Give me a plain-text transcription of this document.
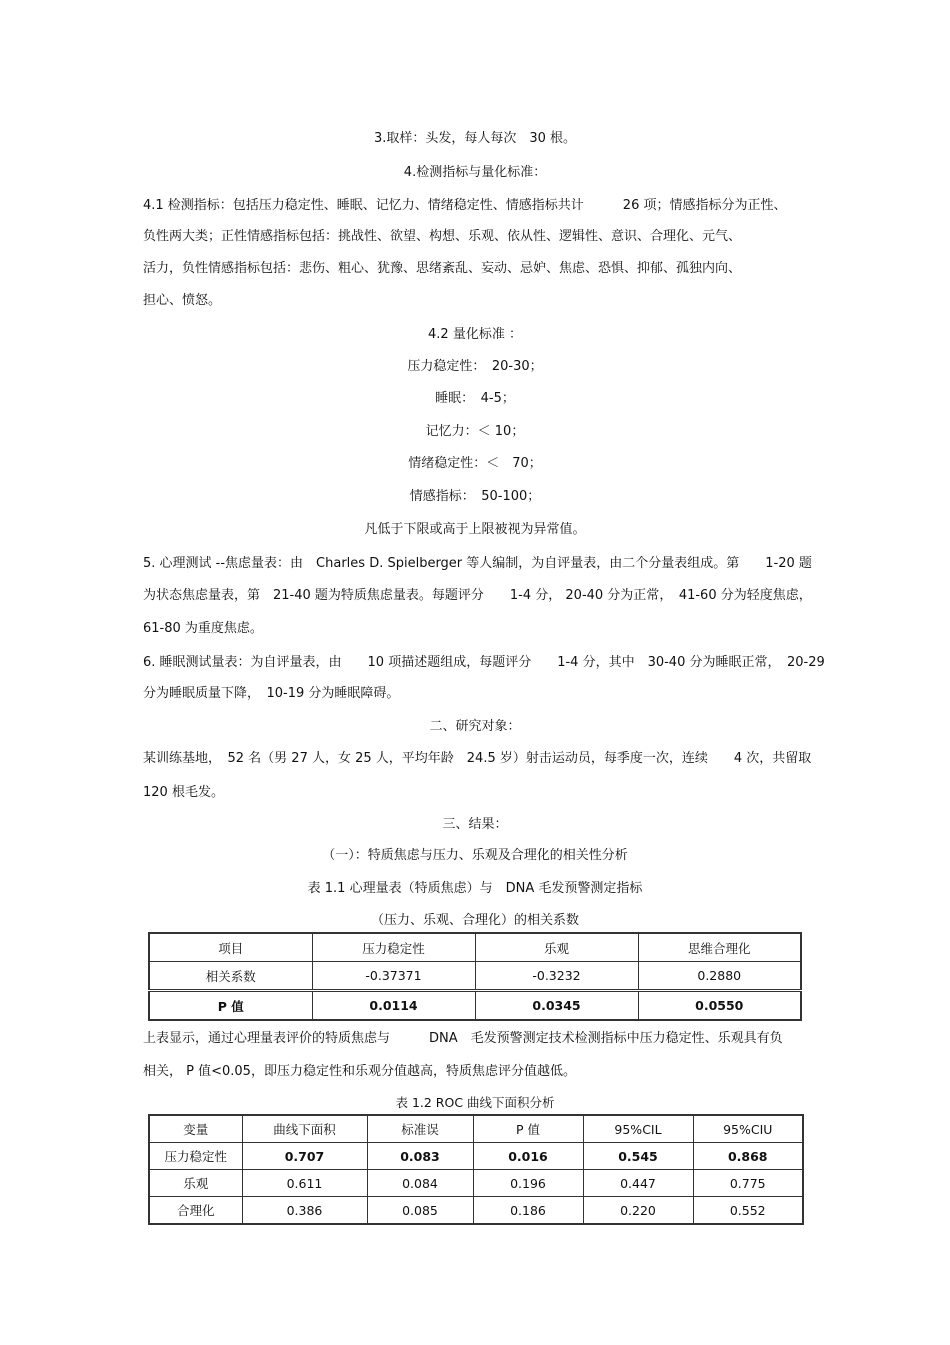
3.取样：头发，每人每次　30 根。
4.检测指标与量化标准：
4.1 检测指标：包括压力稳定性、睡眠、记忆力、情绪稳定性、情感指标共计　　　26 项；情感指标分为正性、
负性两大类；正性情感指标包括：挑战性、欲望、构想、乐观、依从性、逻辑性、意识、合理化、元气、
活力，负性情感指标包括：悲伤、粗心、犹豫、思绪紊乱、妄动、忌妒、焦虑、恐惧、抑郁、孤独内向、
担心、愤怒。
4.2 量化标准 ：
压力稳定性：　20-30；
睡眠：　4-5；
记忆力：＜ 10；
情绪稳定性：＜　70；
情感指标：　50-100；
凡低于下限或高于上限被视为异常值。
5. 心理测试 --焦虑量表：由　Charles D. Spielberger 等人编制，为自评量表，由二个分量表组成。第　　1-20 题
为状态焦虑量表，第　21-40 题为特质焦虑量表。每题评分　　1-4 分， 20-40 分为正常，　41-60 分为轻度焦虑，
61-80 为重度焦虑。
6. 睡眠测试量表：为自评量表，由　　10 项描述题组成，每题评分　　1-4 分，其中　30-40 分为睡眠正常，　20-29
分为睡眠质量下降，　10-19 分为睡眠障碍。
二、研究对象：
某训练基地，　52 名（男 27 人，女 25 人，平均年龄　24.5 岁）射击运动员，每季度一次，连续　　4 次，共留取
120 根毛发。
三、结果：
（一）：特质焦虑与压力、乐观及合理化的相关性分析
表 1.1 心理量表（特质焦虑）与　DNA 毛发预警测定指标
（压力、乐观、合理化）的相关系数
项目	压力稳定性	乐观	思维合理化
相关系数	-0.37371	-0.3232	0.2880
P 值	0.0114	0.0345	0.0550
上表显示，通过心理量表评价的特质焦虑与　　　DNA　毛发预警测定技术检测指标中压力稳定性、乐观具有负
相关， P 值<0.05，即压力稳定性和乐观分值越高，特质焦虑评分值越低。
表 1.2 ROC 曲线下面积分析
变量	曲线下面积	标准误	P 值	95%CIL	95%CIU
压力稳定性	0.707	0.083	0.016	0.545	0.868
乐观	0.611	0.084	0.196	0.447	0.775
合理化	0.386	0.085	0.186	0.220	0.552
